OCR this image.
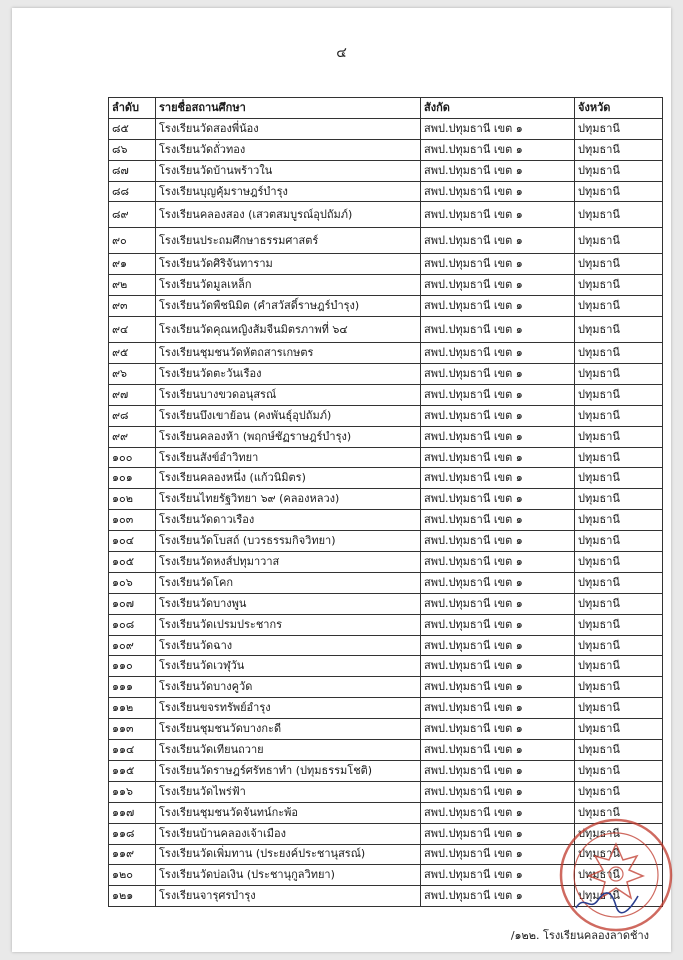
๔
ลำดับ	รายชื่อสถานศึกษา	สังกัด	จังหวัด
๘๕	โรงเรียนวัดสองพี่น้อง	สพป.ปทุมธานี เขต ๑	ปทุมธานี
๘๖	โรงเรียนวัดถั่วทอง	สพป.ปทุมธานี เขต ๑	ปทุมธานี
๘๗	โรงเรียนวัดบ้านพร้าวใน	สพป.ปทุมธานี เขต ๑	ปทุมธานี
๘๘	โรงเรียนบุญคุ้มราษฎร์บำรุง	สพป.ปทุมธานี เขต ๑	ปทุมธานี
๘๙	โรงเรียนคลองสอง (เสวตสมบูรณ์อุปถัมภ์)	สพป.ปทุมธานี เขต ๑	ปทุมธานี
๙๐	โรงเรียนประถมศึกษาธรรมศาสตร์	สพป.ปทุมธานี เขต ๑	ปทุมธานี
๙๑	โรงเรียนวัดศิริจันทาราม	สพป.ปทุมธานี เขต ๑	ปทุมธานี
๙๒	โรงเรียนวัดมูลเหล็ก	สพป.ปทุมธานี เขต ๑	ปทุมธานี
๙๓	โรงเรียนวัดพืชนิมิต (คำสวัสดิ์ราษฎร์บำรุง)	สพป.ปทุมธานี เขต ๑	ปทุมธานี
๙๔	โรงเรียนวัดคุณหญิงส้มจีนมิตรภาพที่ ๖๔	สพป.ปทุมธานี เขต ๑	ปทุมธานี
๙๕	โรงเรียนชุมชนวัดหัตถสารเกษตร	สพป.ปทุมธานี เขต ๑	ปทุมธานี
๙๖	โรงเรียนวัดตะวันเรือง	สพป.ปทุมธานี เขต ๑	ปทุมธานี
๙๗	โรงเรียนบางขวดอนุสรณ์	สพป.ปทุมธานี เขต ๑	ปทุมธานี
๙๘	โรงเรียนบึงเขาย้อน (คงพันธุ์อุปถัมภ์)	สพป.ปทุมธานี เขต ๑	ปทุมธานี
๙๙	โรงเรียนคลองห้า (พฤกษ์ชัฏราษฎร์บำรุง)	สพป.ปทุมธานี เขต ๑	ปทุมธานี
๑๐๐	โรงเรียนสังข์อำวิทยา	สพป.ปทุมธานี เขต ๑	ปทุมธานี
๑๐๑	โรงเรียนคลองหนึ่ง (แก้วนิมิตร)	สพป.ปทุมธานี เขต ๑	ปทุมธานี
๑๐๒	โรงเรียนไทยรัฐวิทยา ๖๙ (คลองหลวง)	สพป.ปทุมธานี เขต ๑	ปทุมธานี
๑๐๓	โรงเรียนวัดดาวเรือง	สพป.ปทุมธานี เขต ๑	ปทุมธานี
๑๐๔	โรงเรียนวัดโบสถ์ (บวรธรรมกิจวิทยา)	สพป.ปทุมธานี เขต ๑	ปทุมธานี
๑๐๕	โรงเรียนวัดหงส์ปทุมาวาส	สพป.ปทุมธานี เขต ๑	ปทุมธานี
๑๐๖	โรงเรียนวัดโคก	สพป.ปทุมธานี เขต ๑	ปทุมธานี
๑๐๗	โรงเรียนวัดบางพูน	สพป.ปทุมธานี เขต ๑	ปทุมธานี
๑๐๘	โรงเรียนวัดเปรมประชากร	สพป.ปทุมธานี เขต ๑	ปทุมธานี
๑๐๙	โรงเรียนวัดฉาง	สพป.ปทุมธานี เขต ๑	ปทุมธานี
๑๑๐	โรงเรียนวัดเวฬุวัน	สพป.ปทุมธานี เขต ๑	ปทุมธานี
๑๑๑	โรงเรียนวัดบางคูวัด	สพป.ปทุมธานี เขต ๑	ปทุมธานี
๑๑๒	โรงเรียนขจรทรัพย์อำรุง	สพป.ปทุมธานี เขต ๑	ปทุมธานี
๑๑๓	โรงเรียนชุมชนวัดบางกะดี	สพป.ปทุมธานี เขต ๑	ปทุมธานี
๑๑๔	โรงเรียนวัดเทียนถวาย	สพป.ปทุมธานี เขต ๑	ปทุมธานี
๑๑๕	โรงเรียนวัดราษฎร์ศรัทธาทำ (ปทุมธรรมโชติ)	สพป.ปทุมธานี เขต ๑	ปทุมธานี
๑๑๖	โรงเรียนวัดไพร่ฟ้า	สพป.ปทุมธานี เขต ๑	ปทุมธานี
๑๑๗	โรงเรียนชุมชนวัดจันทน์กะพ้อ	สพป.ปทุมธานี เขต ๑	ปทุมธานี
๑๑๘	โรงเรียนบ้านคลองเจ้าเมือง	สพป.ปทุมธานี เขต ๑	ปทุมธานี
๑๑๙	โรงเรียนวัดเพิ่มทาน (ประยงค์ประชานุสรณ์)	สพป.ปทุมธานี เขต ๑	ปทุมธานี
๑๒๐	โรงเรียนวัดบ่อเงิน (ประชานุกูลวิทยา)	สพป.ปทุมธานี เขต ๑	ปทุมธานี
๑๒๑	โรงเรียนจารุศรบำรุง	สพป.ปทุมธานี เขต ๑	ปทุมธานี
/๑๒๒. โรงเรียนคลองลาดช้าง
